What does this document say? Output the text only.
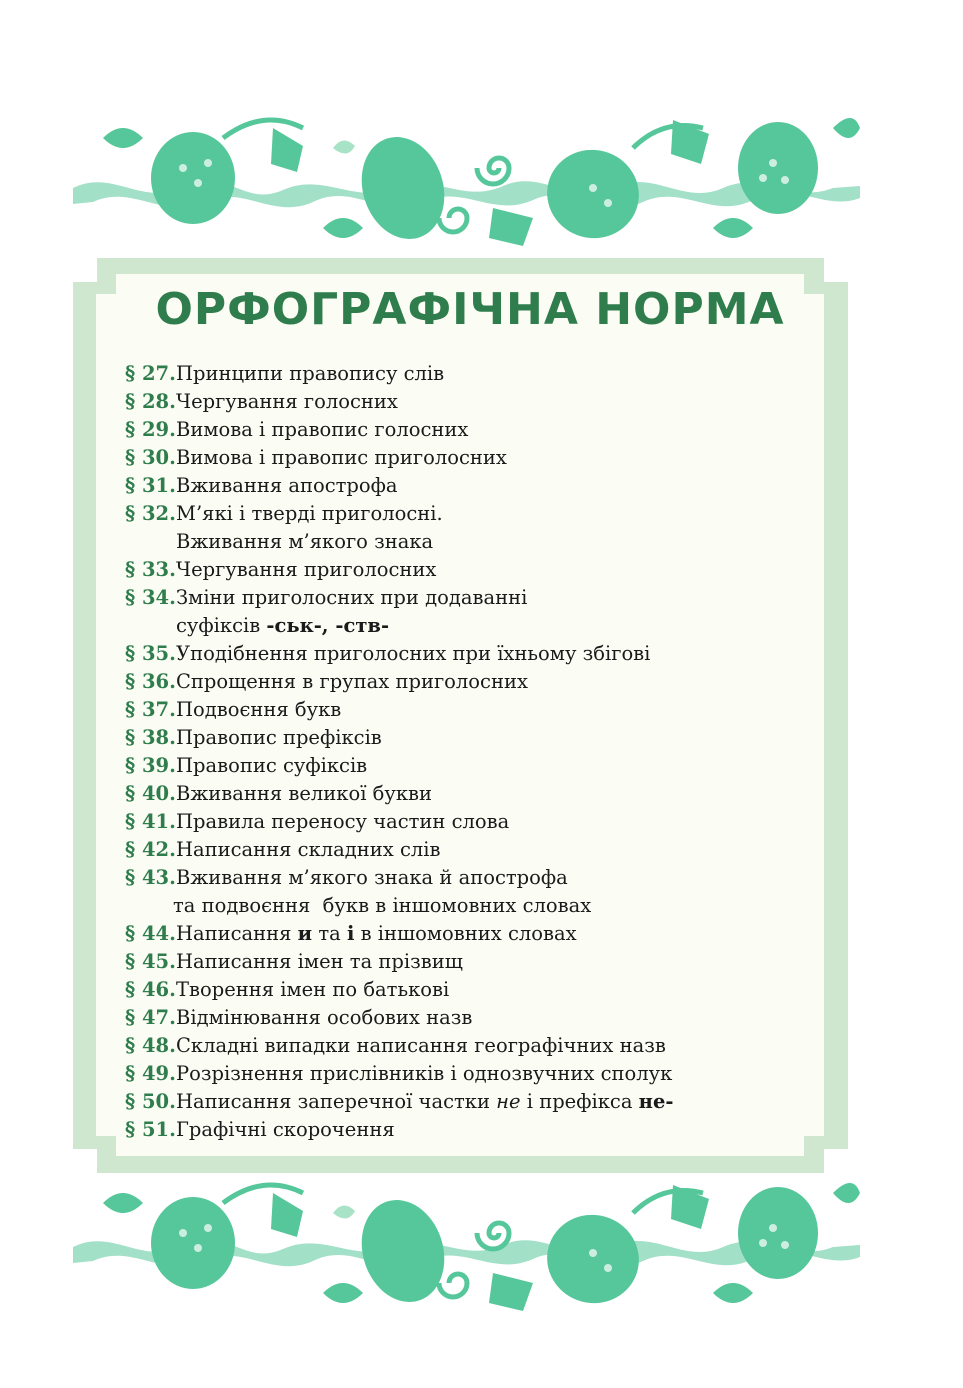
ОРФОГРАФІЧНА НОРМА
§ 27.Принципи правопису слів
§ 28.Чергування голосних
§ 29.Вимова і правопис голосних
§ 30.Вимова і правопис приголосних
§ 31.Вживання апострофа
§ 32.М’які і тверді приголосні.
Вживання м’якого знака
§ 33.Чергування приголосних
§ 34.Зміни приголосних при додаванні
суфіксів -ськ-, -ств-
§ 35.Уподібнення приголосних при їхньому збігові
§ 36.Спрощення в групах приголосних
§ 37.Подвоєння букв
§ 38.Правопис префіксів
§ 39.Правопис суфіксів
§ 40.Вживання великої букви
§ 41.Правила переносу частин слова
§ 42.Написання складних слів
§ 43.Вживання м’якого знака й апострофа
та подвоєння  букв в іншомовних словах
§ 44.Написання и та і в іншомовних словах
§ 45.Написання імен та прізвищ
§ 46.Творення імен по батькові
§ 47.Відмінювання особових назв
§ 48.Складні випадки написання географічних назв
§ 49.Розрізнення прислівників і однозвучних сполук
§ 50.Написання заперечної частки не і префікса не-
§ 51.Графічні скорочення
